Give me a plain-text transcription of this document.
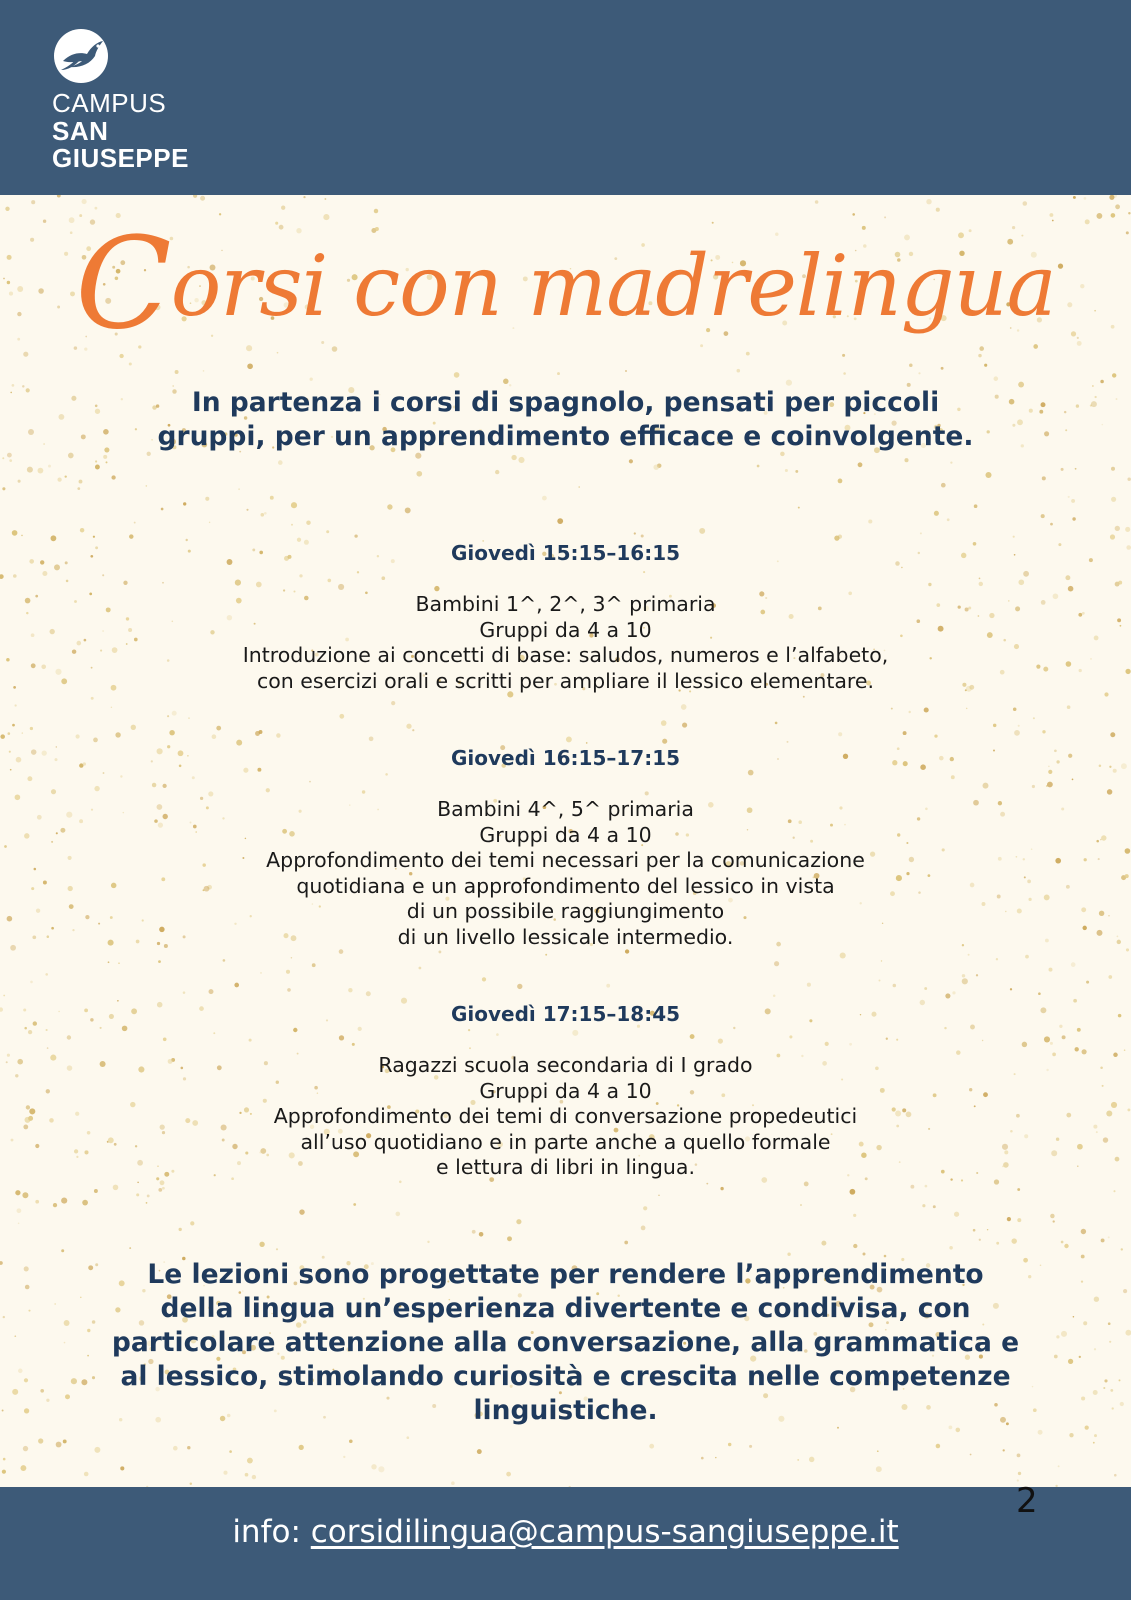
CAMPUS
SAN
GIUSEPPE
Corsi con madrelingua
In partenza i corsi di spagnolo, pensati per piccoli gruppi, per un apprendimento efficace e coinvolgente.
Giovedì 15:15–16:15
Bambini 1^, 2^, 3^ primaria
Gruppi da 4 a 10
Introduzione ai concetti di base: saludos, numeros e l’alfabeto,
con esercizi orali e scritti per ampliare il lessico elementare.
Giovedì 16:15–17:15
Bambini 4^, 5^ primaria
Gruppi da 4 a 10
Approfondimento dei temi necessari per la comunicazione
quotidiana e un approfondimento del lessico in vista
di un possibile raggiungimento
di un livello lessicale intermedio.
Giovedì 17:15–18:45
Ragazzi scuola secondaria di I grado
Gruppi da 4 a 10
Approfondimento dei temi di conversazione propedeutici
all’uso quotidiano e in parte anche a quello formale
e lettura di libri in lingua.
Le lezioni sono progettate per rendere l’apprendimento della lingua un’esperienza divertente e condivisa, con particolare attenzione alla conversazione, alla grammatica e al lessico, stimolando curiosità e crescita nelle competenze linguistiche.
info: corsidilingua@campus-sangiuseppe.it
2
